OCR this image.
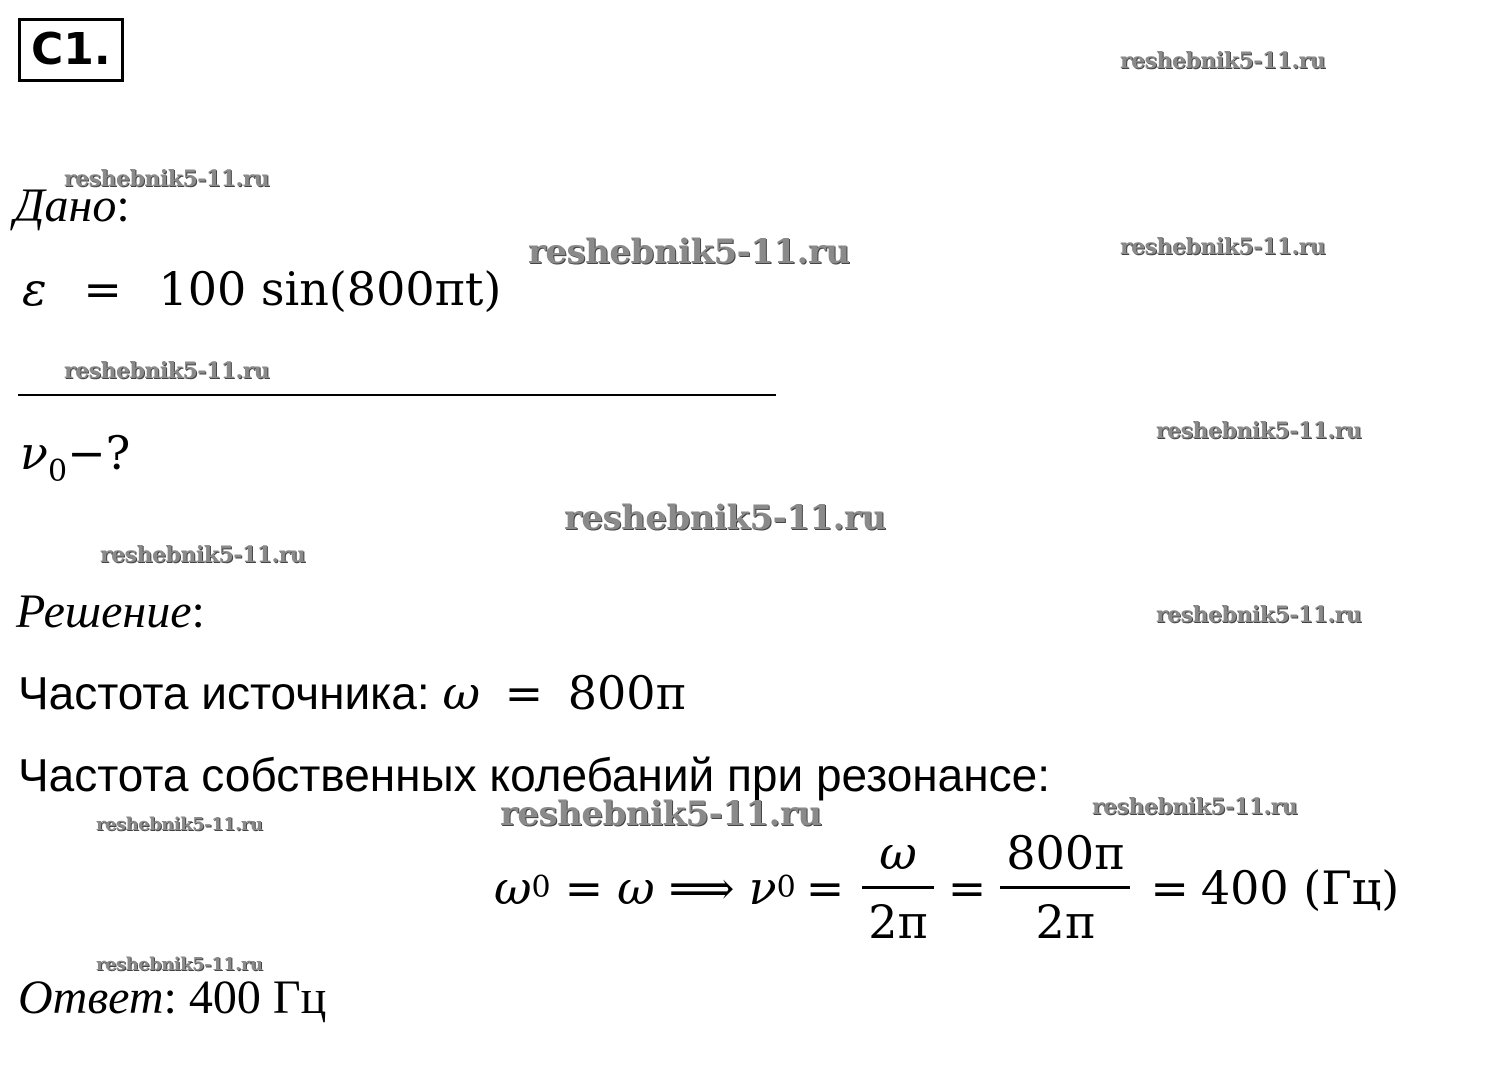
C1.
Дано:
ε = 100 sin(800πt)
$\nu_0-$?
Решение:
Частота источника: ω = 800π
Частота собственных колебаний при резонансе:
ω 0 = ω ⟹ ν $0 = \frac{\omega}{2\pi} = \frac{800\pi}{2\pi} = 400$ (Гц)
Ответ: 400 Гц
reshebnik5-11.ru
reshebnik5-11.ru
reshebnik5-11.ru	reshebnik5-11.ru
reshebnik5-11.ru
reshebnik5-11.ru
reshebnik5-11.ru
reshebnik5-11.ru
reshebnik5-11.ru
reshebnik5-11.ru	reshebnik5-11.ru
reshebnik5-11.ru
reshebnik5-11.ru
